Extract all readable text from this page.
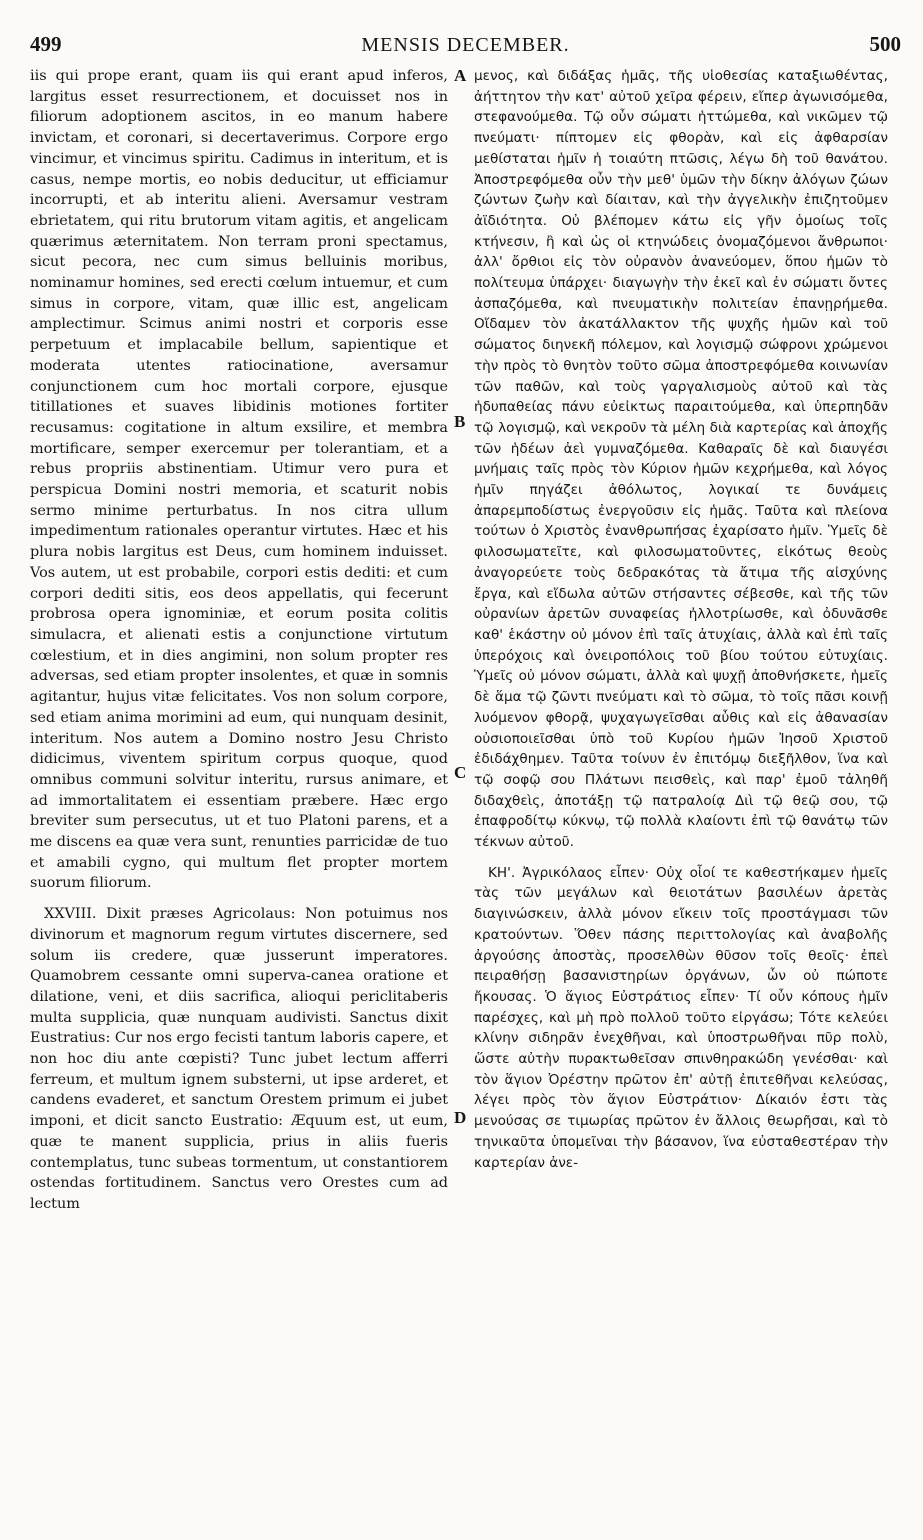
499	MENSIS DECEMBER.	500

iis qui prope erant, quam iis qui erant apud inferos, largitus esset resurrectionem, et docuisset nos in filiorum adoptionem ascitos, in eo manum habere invictam, et coronari, si decertaverimus. Corpore ergo vincimur, et vincimus spiritu. Cadimus in interitum, et is casus, nempe mortis, eo nobis deducitur, ut efficiamur incorrupti, et ab interitu alieni. Aversamur vestram ebrietatem, qui ritu brutorum vitam agitis, et angelicam quærimus æternitatem. Non terram proni spectamus, sicut pecora, nec cum simus belluinis moribus, nominamur homines, sed erecti cœlum intuemur, et cum simus in corpore, vitam, quæ illic est, angelicam amplectimur. Scimus animi nostri et corporis esse perpetuum et implacabile bellum, sapientique et moderata utentes ratiocinatione, aversamur conjunctionem cum hoc mortali corpore, ejusque titillationes et suaves libidinis motiones fortiter recusamus: cogitatione in altum exsilire, et membra mortificare, semper exercemur per tolerantiam, et a rebus propriis abstinentiam. Utimur vero pura et perspicua Domini nostri memoria, et scaturit nobis sermo minime perturbatus. In nos citra ullum impedimentum rationales operantur virtutes. Hæc et his plura nobis largitus est Deus, cum hominem induisset. Vos autem, ut est probabile, corpori estis dediti: et cum corpori dediti sitis, eos deos appellatis, qui fecerunt probrosa opera ignominiæ, et eorum posita colitis simulacra, et alienati estis a conjunctione virtutum cœlestium, et in dies angimini, non solum propter res adversas, sed etiam propter insolentes, et quæ in somnis agitantur, hujus vitæ felicitates. Vos non solum corpore, sed etiam anima morimini ad eum, qui nunquam desinit, interitum. Nos autem a Domino nostro Jesu Christo didicimus, viventem spiritum corpus quoque, quod omnibus communi solvitur interitu, rursus animare, et ad immortalitatem ei essentiam præbere. Hæc ergo breviter sum persecutus, ut et tuo Platoni parens, et a me discens ea quæ vera sunt, renunties parricidæ de tuo et amabili cygno, qui multum flet propter mortem suorum filiorum.

XXVIII. Dixit præses Agricolaus: Non potuimus nos divinorum et magnorum regum virtutes discernere, sed solum iis credere, quæ jusserunt imperatores. Quamobrem cessante omni superva-canea oratione et dilatione, veni, et diis sacrifica, alioqui periclitaberis multa supplicia, quæ nunquam audivisti. Sanctus dixit Eustratius: Cur nos ergo fecisti tantum laboris capere, et non hoc diu ante cœpisti? Tunc jubet lectum afferri ferreum, et multum ignem substerni, ut ipse arderet, et candens evaderet, et sanctum Orestem primum ei jubet imponi, et dicit sancto Eustratio: Æquum est, ut eum, quæ te manent supplicia, prius in aliis fueris contemplatus, tunc subeas tormentum, ut constantiorem ostendas fortitudinem. Sanctus vero Orestes cum ad lectum

A
B
C
D

μενος, καὶ διδάξας ἡμᾶς, τῆς υἱοθεσίας καταξιωθέντας, ἀήττητον τὴν κατ' αὐτοῦ χεῖρα φέρειν, εἴπερ ἀγωνισόμεθα, στεφανούμεθα. Τῷ οὖν σώματι ἡττώμεθα, καὶ νικῶμεν τῷ πνεύματι· πίπτομεν εἰς φθορὰν, καὶ εἰς ἀφθαρσίαν μεθίσταται ἡμῖν ἡ τοιαύτη πτῶσις, λέγω δὴ τοῦ θανάτου. Ἀποστρεφόμεθα οὖν τὴν μεθ' ὑμῶν τὴν δίκην ἀλόγων ζώων ζώντων ζωὴν καὶ δίαιταν, καὶ τὴν ἀγγελικὴν ἐπιζητοῦμεν ἀϊδιότητα. Οὐ βλέπομεν κάτω εἰς γῆν ὁμοίως τοῖς κτήνεσιν, ἢ καὶ ὡς οἱ κτηνώδεις ὀνομαζόμενοι ἄνθρωποι· ἀλλ' ὄρθιοι εἰς τὸν οὐρανὸν ἀνανεύομεν, ὅπου ἡμῶν τὸ πολίτευμα ὑπάρχει· διαγωγὴν τὴν ἐκεῖ καὶ ἐν σώματι ὄντες ἀσπαζόμεθα, καὶ πνευματικὴν πολιτείαν ἐπανῃρήμεθα. Οἴδαμεν τὸν ἀκατάλλακτον τῆς ψυχῆς ἡμῶν καὶ τοῦ σώματος διηνεκῆ πόλεμον, καὶ λογισμῷ σώφρονι χρώμενοι τὴν πρὸς τὸ θνητὸν τοῦτο σῶμα ἀποστρεφόμεθα κοινωνίαν τῶν παθῶν, καὶ τοὺς γαργαλισμοὺς αὐτοῦ καὶ τὰς ἡδυπαθείας πάνυ εὐεἰκτως παραιτούμεθα, καὶ ὑπερπηδᾶν τῷ λογισμῷ, καὶ νεκροῦν τὰ μέλη διὰ καρτερίας καὶ ἀποχῆς τῶν ἡδέων ἀεὶ γυμναζόμεθα. Καθαραῖς δὲ καὶ διαυγέσι μνήμαις ταῖς πρὸς τὸν Κύριον ἡμῶν κεχρήμεθα, καὶ λόγος ἡμῖν πηγάζει ἀθόλωτος, λογικαί τε δυνάμεις ἀπαρεμποδίστως ἐνεργοῦσιν εἰς ἡμᾶς. Ταῦτα καὶ πλείονα τούτων ὁ Χριστὸς ἐνανθρωπήσας ἐχαρίσατο ἡμῖν. Ὑμεῖς δὲ φιλοσωματεῖτε, καὶ φιλοσωματοῦντες, εἰκότως θεοὺς ἀναγορεύετε τοὺς δεδρακότας τὰ ἄτιμα τῆς αἰσχύνης ἔργα, καὶ εἴδωλα αὐτῶν στήσαντες σέβεσθε, καὶ τῆς τῶν οὐρανίων ἀρετῶν συναφείας ἠλλοτρίωσθε, καὶ ὀδυνᾶσθε καθ' ἑκάστην οὐ μόνον ἐπὶ ταῖς ἀτυχίαις, ἀλλὰ καὶ ἐπὶ ταῖς ὑπερόχοις καὶ ὀνειροπόλοις τοῦ βίου τούτου εὐτυχίαις. Ὑμεῖς οὐ μόνον σώματι, ἀλλὰ καὶ ψυχῇ ἀποθνήσκετε, ἡμεῖς δὲ ἅμα τῷ ζῶντι πνεύματι καὶ τὸ σῶμα, τὸ τοῖς πᾶσι κοινῇ λυόμενον φθορᾷ, ψυχαγωγεῖσθαι αὖθις καὶ εἰς ἀθανασίαν οὐσιοποιεῖσθαι ὑπὸ τοῦ Κυρίου ἡμῶν Ἰησοῦ Χριστοῦ ἐδιδάχθημεν. Ταῦτα τοίνυν ἐν ἐπιτόμῳ διεξῆλθον, ἵνα καὶ τῷ σοφῷ σου Πλάτωνι πεισθεὶς, καὶ παρ' ἐμοῦ τἀληθῆ διδαχθεὶς, ἀποτάξῃ τῷ πατραλοίᾳ Διὶ τῷ θεῷ σου, τῷ ἐπαφροδίτῳ κύκνῳ, τῷ πολλὰ κλαίοντι ἐπὶ τῷ θανάτῳ τῶν τέκνων αὐτοῦ.

ΚΗ'. Ἀγρικόλαος εἶπεν· Οὐχ οἷοί τε καθεστήκαμεν ἡμεῖς τὰς τῶν μεγάλων καὶ θειοτάτων βασιλέων ἀρετὰς διαγινώσκειν, ἀλλὰ μόνον εἴκειν τοῖς προστάγμασι τῶν κρατούντων. Ὅθεν πάσης περιττολογίας καὶ ἀναβολῆς ἀργούσης ἀποστὰς, προσελθὼν θῦσον τοῖς θεοῖς· ἐπεὶ πειραθήσῃ βασανιστηρίων ὀργάνων, ὧν οὐ πώποτε ἤκουσας. Ὁ ἅγιος Εὐστράτιος εἶπεν· Τί οὖν κόπους ἡμῖν παρέσχες, καὶ μὴ πρὸ πολλοῦ τοῦτο εἰργάσω; Τότε κελεύει κλίνην σιδηρᾶν ἐνεχθῆναι, καὶ ὑποστρωθῆναι πῦρ πολὺ, ὥστε αὐτὴν πυρακτωθεῖσαν σπινθηρακώδη γενέσθαι· καὶ τὸν ἅγιον Ὀρέστην πρῶτον ἐπ' αὐτῇ ἐπιτεθῆναι κελεύσας, λέγει πρὸς τὸν ἅγιον Εὐστράτιον· Δίκαιόν ἐστι τὰς μενούσας σε τιμωρίας πρῶτον ἐν ἄλλοις θεωρῆσαι, καὶ τὸ τηνικαῦτα ὑπομεῖναι τὴν βάσανον, ἵνα εὐσταθεστέραν τὴν καρτερίαν ἀνε-
